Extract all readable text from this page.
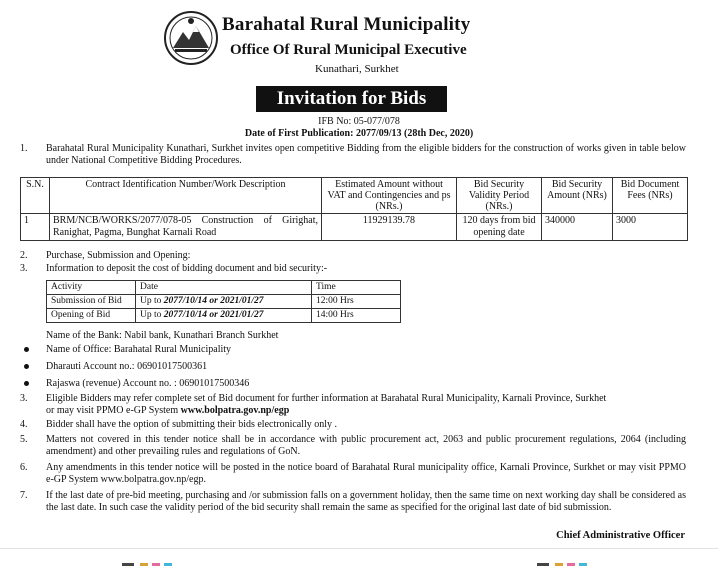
Barahatal Rural Municipality
Office Of Rural Municipal Executive
Kunathari, Surkhet
Invitation for Bids
IFB No: 05-077/078
Date of First Publication: 2077/09/13 (28th Dec, 2020)
1. Barahatal Rural Municipality Kunathari, Surkhet invites open competitive Bidding from the eligible bidders for the construction of works given in table below under National Competitive Bidding Procedures.
S.N.	Contract Identification Number/Work Description	Estimated Amount without VAT and Contingencies and ps (NRs.)	Bid Security Validity Period (NRs.)	Bid Security Amount (NRs)	Bid Document Fees (NRs)
1	BRM/NCB/WORKS/2077/078-05 Construction of Girighat, Ranighat, Pagma, Bunghat Karnali Road	11929139.78	120 days from bid opening date	340000	3000
2. Purchase, Submission and Opening:
3. Information to deposit the cost of bidding document and bid security:-
Activity	Date	Time
Submission of Bid	Up to 2077/10/14 or 2021/01/27	12:00 Hrs
Opening of Bid	Up to 2077/10/14 or 2021/01/27	14:00 Hrs
Name of the Bank: Nabil bank, Kunathari Branch Surkhet
Name of Office: Barahatal Rural Municipality
Dharauti Account no.: 06901017500361
Rajaswa (revenue) Account no. : 06901017500346
3. Eligible Bidders may refer complete set of Bid document for further information at Barahatal Rural Municipality, Karnali Province, Surkhet
or may visit PPMO e-GP System www.bolpatra.gov.np/egp
4. Bidder shall have the option of submitting their bids electronically only .
5. Matters not covered in this tender notice shall be in accordance with public procurement act, 2063 and public procurement regulations, 2064 (including amendment) and other prevailing rules and regulations of GoN.
6. Any amendments in this tender notice will be posted in the notice board of Barahatal Rural municipality office, Karnali Province, Surkhet or may visit PPMO e-GP System www.bolpatra.gov.np/egp.
7. If the last date of pre-bid meeting, purchasing and /or submission falls on a government holiday, then the same time on next working day shall be considered as the last date. In such case the validity period of the bid security shall remain the same as specified for the original last date of bid submission.
Chief Administrative Officer
